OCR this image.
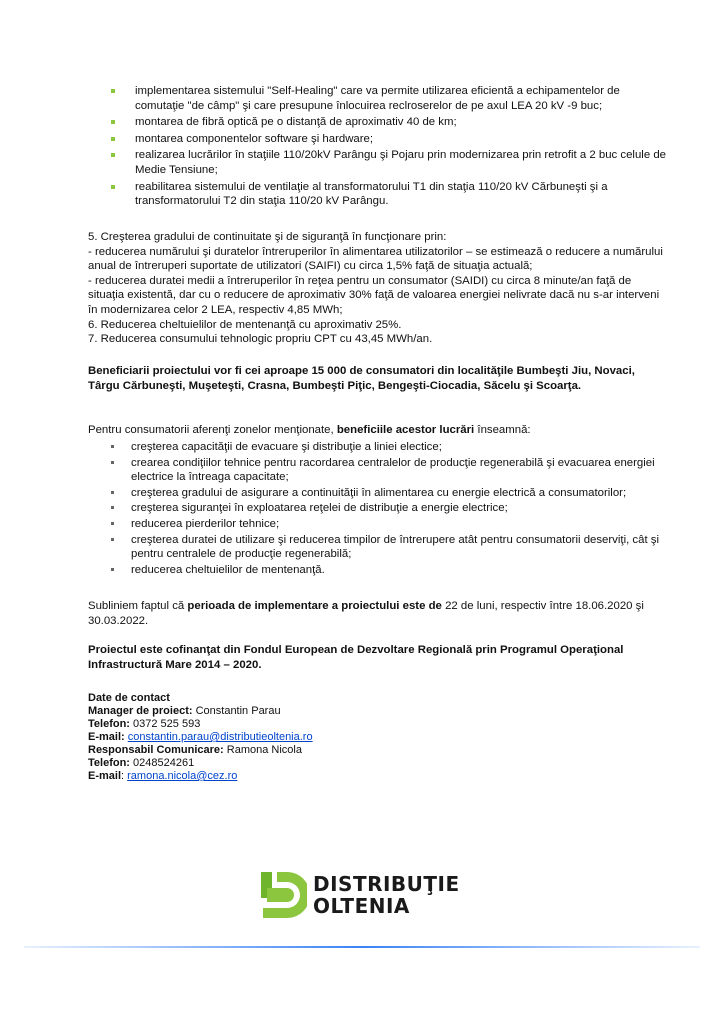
implementarea sistemului "Self-Healing" care va permite utilizarea eficientă a echipamentelor de comutaţie "de câmp" şi care presupune înlocuirea reclroserelor de pe axul LEA 20 kV -9 buc;
montarea de fibră optică pe o distanţă de aproximativ 40 de km;
montarea componentelor software şi hardware;
realizarea lucrărilor în staţiile 110/20kV Parângu şi Pojaru prin modernizarea prin retrofit a 2 buc celule de Medie Tensiune;
reabilitarea sistemului de ventilaţie al transformatorului T1 din staţia 110/20 kV Cărbuneşti şi a transformatorului T2 din staţia 110/20 kV Parângu.

5. Creşterea gradului de continuitate şi de siguranţă în funcţionare prin:

- reducerea numărului şi duratelor întreruperilor în alimentarea utilizatorilor – se estimează o reducere a numărului anual de întreruperi suportate de utilizatori (SAIFI) cu circa 1,5% faţă de situaţia actuală;

- reducerea duratei medii a întreruperilor în reţea pentru un consumator (SAIDI) cu circa 8 minute/an faţă de situaţia existentă, dar cu o reducere de aproximativ 30% faţă de valoarea energiei nelivrate dacă nu s-ar interveni în modernizarea celor 2 LEA, respectiv 4,85 MWh;

6. Reducerea cheltuielilor de mentenanţă cu aproximativ 25%.

7. Reducerea consumului tehnologic propriu CPT cu 43,45 MWh/an.

Beneficiarii proiectului vor fi cei aproape 15 000 de consumatori din localităţile Bumbeşti Jiu, Novaci, Târgu Cărbuneşti, Muşeteşti, Crasna, Bumbeşti Piţic, Bengeşti-Ciocadia, Săcelu şi Scoarţa.

Pentru consumatorii aferenţi zonelor menţionate, beneficiile acestor lucrări înseamnă:

creşterea capacităţii de evacuare şi distribuţie a liniei electice;
crearea condiţiilor tehnice pentru racordarea centralelor de producţie regenerabilă şi evacuarea energiei electrice la întreaga capacitate;
creşterea gradului de asigurare a continuităţii în alimentarea cu energie electrică a consumatorilor;
creşterea siguranţei în exploatarea reţelei de distribuţie a energie electrice;
reducerea pierderilor tehnice;
creşterea duratei de utilizare şi reducerea timpilor de întrerupere atât pentru consumatorii deserviţi, cât şi pentru centralele de producţie regenerabilă;
reducerea cheltuielilor de mentenanţă.

Subliniem faptul că perioada de implementare a proiectului este de 22 de luni, respectiv între 18.06.2020 şi 30.03.2022.

Proiectul este cofinanţat din Fondul European de Dezvoltare Regională prin Programul Operaţional Infrastructură Mare 2014 – 2020.

Date de contact

Manager de proiect: Constantin Parau

Telefon: 0372 525 593

E-mail: constantin.parau@distributieoltenia.ro

Responsabil Comunicare: Ramona Nicola

Telefon: 0248524261

E-mail: ramona.nicola@cez.ro

DISTRIBUŢIE
OLTENIA
